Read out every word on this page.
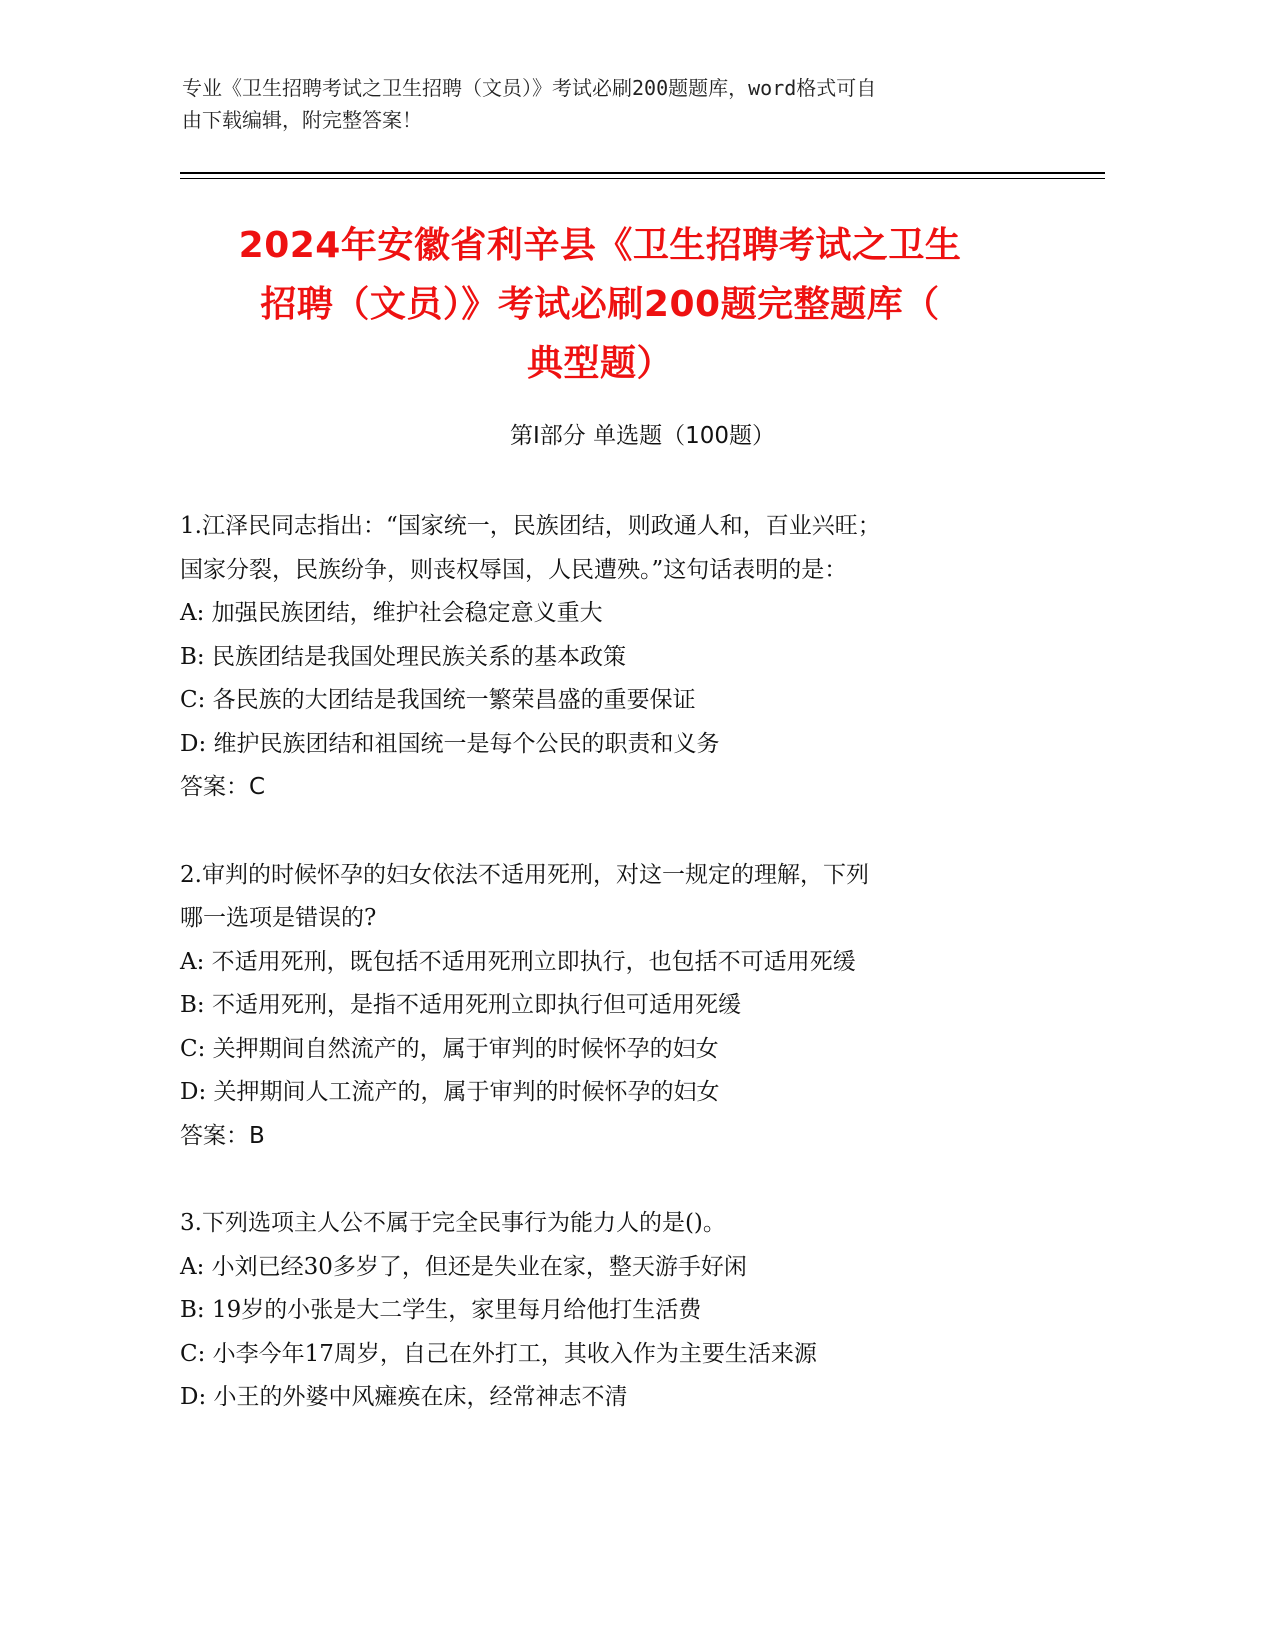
专业《卫生招聘考试之卫生招聘（文员）》考试必刷200题题库，word格式可自
由下载编辑，附完整答案！
2024年安徽省利辛县《卫生招聘考试之卫生
招聘（文员）》考试必刷200题完整题库（
典型题）
第Ⅰ部分 单选题（100题）
1.江泽民同志指出：“国家统一，民族团结，则政通人和，百业兴旺；
国家分裂，民族纷争，则丧权辱国，人民遭殃。”这句话表明的是：
A: 加强民族团结，维护社会稳定意义重大
B: 民族团结是我国处理民族关系的基本政策
C: 各民族的大团结是我国统一繁荣昌盛的重要保证
D: 维护民族团结和祖国统一是每个公民的职责和义务
答案：C
2.审判的时候怀孕的妇女依法不适用死刑，对这一规定的理解，下列
哪一选项是错误的?
A: 不适用死刑，既包括不适用死刑立即执行，也包括不可适用死缓
B: 不适用死刑，是指不适用死刑立即执行但可适用死缓
C: 关押期间自然流产的，属于审判的时候怀孕的妇女
D: 关押期间人工流产的，属于审判的时候怀孕的妇女
答案：B
3.下列选项主人公不属于完全民事行为能力人的是()。
A: 小刘已经30多岁了，但还是失业在家，整天游手好闲
B: 19岁的小张是大二学生，家里每月给他打生活费
C: 小李今年17周岁，自己在外打工，其收入作为主要生活来源
D: 小王的外婆中风瘫痪在床，经常神志不清
